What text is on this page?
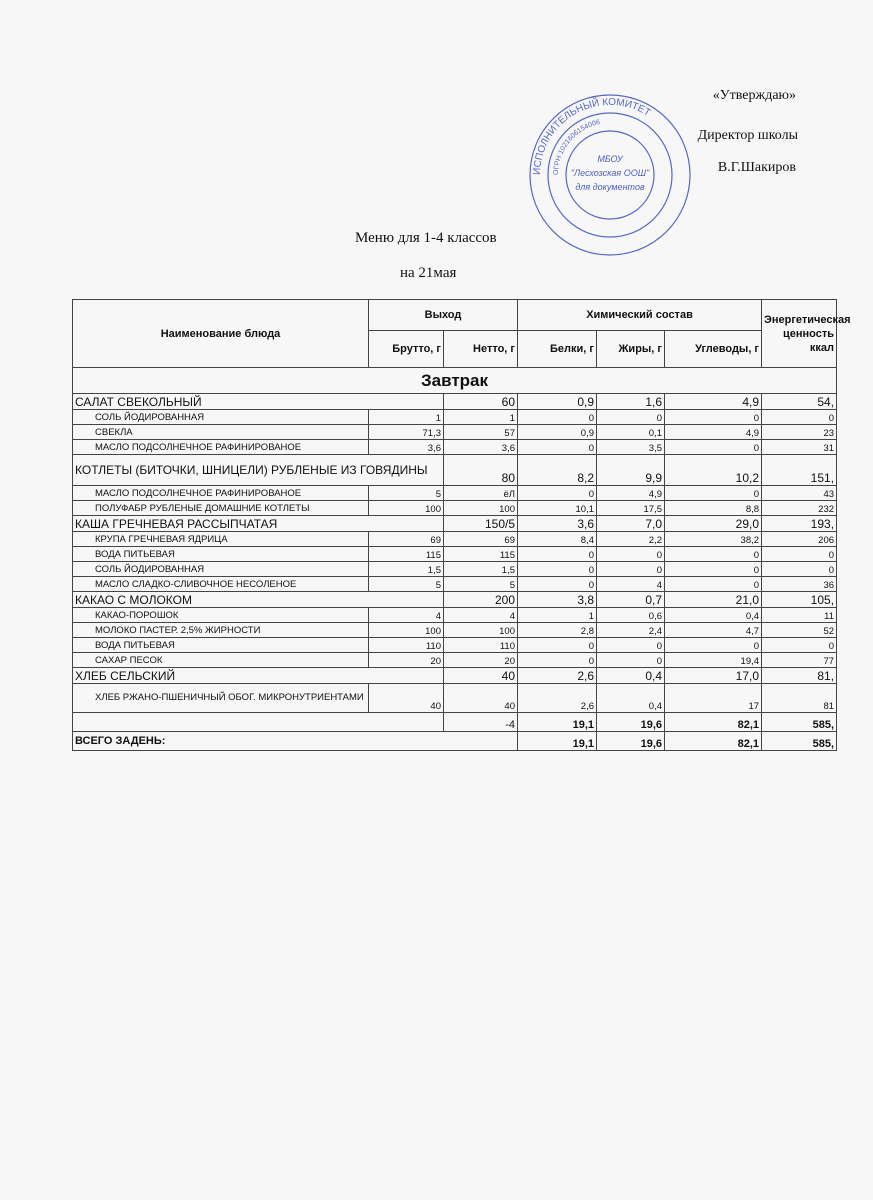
«Утверждаю»
Директор школы
В.Г.Шакиров
ИСПОЛНИТЕЛЬНЫЙ КОМИТЕТ
ОГРН 1021606154006
МБОУ
"Лесхозская ООШ"
для документов
Меню для 1-4 классов
на 21мая
Наименование блюда	Выход		Химический состав			Энергетическая ценность ккал
	Брутто, г	Нетто, г	Белки, г	Жиры, г	Углеводы, г	
Завтрак						
САЛАТ СВЕКОЛЬНЫЙ		60	0,9	1,6	4,9	54,
СОЛЬ ЙОДИРОВАННАЯ	1	1	0	0	0	0
СВЕКЛА	71,3	57	0,9	0,1	4,9	23
МАСЛО ПОДСОЛНЕЧНОЕ РАФИНИРОВАНОЕ	3,6	3,6	0	3,5	0	31
КОТЛЕТЫ (БИТОЧКИ, ШНИЦЕЛИ) РУБЛЕНЫЕ ИЗ ГОВЯДИНЫ		80	8,2	9,9	10,2	151,
МАСЛО ПОДСОЛНЕЧНОЕ РАФИНИРОВАНОЕ	5	ёЛ	0	4,9	0	43
ПОЛУФАБР РУБЛЕНЫЕ ДОМАШНИЕ КОТЛЕТЫ	100	100	10,1	17,5	8,8	232
КАША ГРЕЧНЕВАЯ РАССЫПЧАТАЯ		150/5	3,6	7,0	29,0	193,
КРУПА ГРЕЧНЕВАЯ ЯДРИЦА	69	69	8,4	2,2	38,2	206
ВОДА ПИТЬЕВАЯ	115	115	0	0	0	0
СОЛЬ ЙОДИРОВАННАЯ	1,5	1,5	0	0	0	0
МАСЛО СЛАДКО-СЛИВОЧНОЕ НЕСОЛЕНОЕ	5	5	0	4	0	36
КАКАО С МОЛОКОМ		200	3,8	0,7	21,0	105,
КАКАО-ПОРОШОК	4	4	1	0,6	0,4	11
МОЛОКО ПАСТЕР. 2,5% ЖИРНОСТИ	100	100	2,8	2,4	4,7	52
ВОДА ПИТЬЕВАЯ	110	110	0	0	0	0
САХАР ПЕСОК	20	20	0	0	19,4	77
ХЛЕБ СЕЛЬСКИЙ		40	2,6	0,4	17,0	81,
ХЛЕБ РЖАНО-ПШЕНИЧНЫЙ ОБОГ. МИКРОНУТРИЕНТАМИ	40	40	2,6	0,4	17	81
		-4	19,1	19,6	82,1	585,
ВСЕГО ЗАДЕНЬ:			19,1	19,6	82,1	585,
